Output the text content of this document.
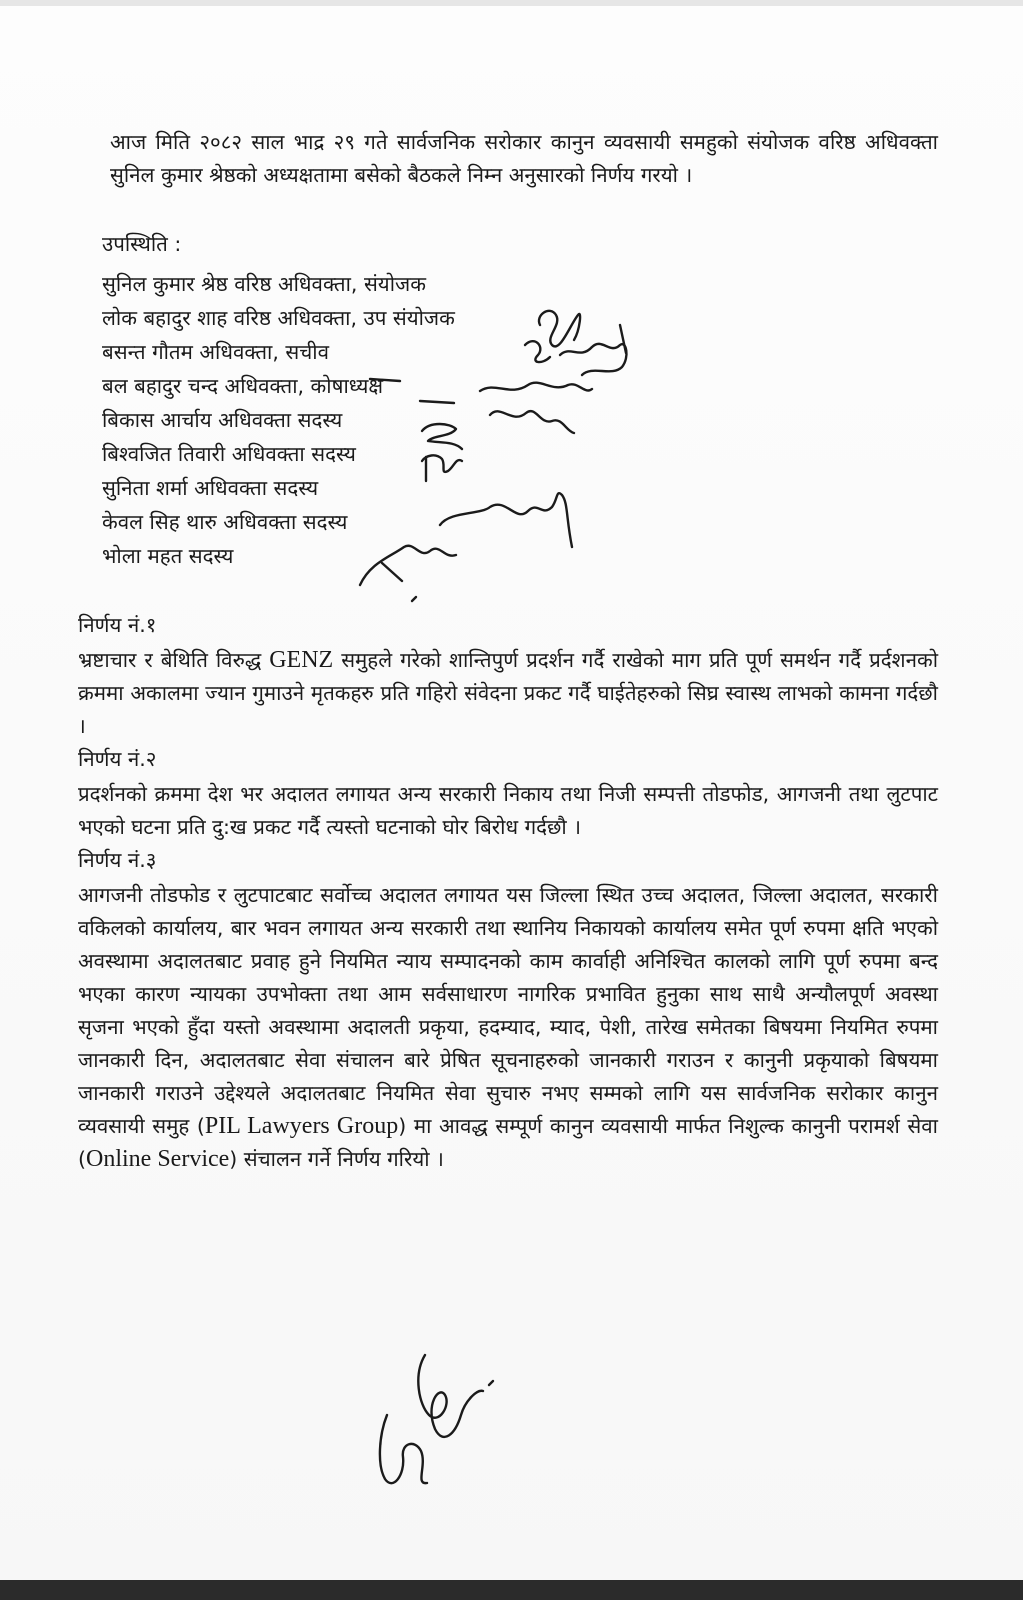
आज मिति २०८२ साल भाद्र २९ गते सार्वजनिक सरोकार कानुन व्यवसायी समहुको संयोजक वरिष्ठ अधिवक्ता सुनिल कुमार श्रेष्ठको अध्यक्षतामा बसेको बैठकले निम्न अनुसारको निर्णय गरयो ।

उपस्थिति :
सुनिल कुमार श्रेष्ठ वरिष्ठ अधिवक्ता, संयोजक
लोक बहादुर शाह वरिष्ठ अधिवक्ता, उप संयोजक
बसन्त गौतम अधिवक्ता, सचीव
बल बहादुर चन्द अधिवक्ता, कोषाध्यक्ष
बिकास आर्चाय अधिवक्ता सदस्य
बिश्वजित तिवारी अधिवक्ता सदस्य
सुनिता शर्मा अधिवक्ता सदस्य
केवल सिह थारु अधिवक्ता सदस्य
भोला महत सदस्य
निर्णय नं.१

भ्रष्टाचार र बेथिति विरुद्ध GENZ समुहले गरेको शान्तिपुर्ण प्रदर्शन गर्दै राखेको माग प्रति पूर्ण समर्थन गर्दै प्रर्दशनको क्रममा अकालमा ज्यान गुमाउने मृतकहरु प्रति गहिरो संवेदना प्रकट गर्दै घाईतेहरुको सिघ्र स्वास्थ लाभको कामना गर्दछौ ।

निर्णय नं.२

प्रदर्शनको क्रममा देश भर अदालत लगायत अन्य सरकारी निकाय तथा निजी सम्पत्ती तोडफोड, आगजनी तथा लुटपाट भएको घटना प्रति दु:ख प्रकट गर्दै त्यस्तो घटनाको घोर बिरोध गर्दछौ ।

निर्णय नं.३

आगजनी तोडफोड र लुटपाटबाट सर्वोच्च अदालत लगायत यस जिल्ला स्थित उच्च अदालत, जिल्ला अदालत, सरकारी वकिलको कार्यालय, बार भवन लगायत अन्य सरकारी तथा स्थानिय निकायको कार्यालय समेत पूर्ण रुपमा क्षति भएको अवस्थामा अदालतबाट प्रवाह हुने नियमित न्याय सम्पादनको काम कार्वाही अनिश्चित कालको लागि पूर्ण रुपमा बन्द भएका कारण न्यायका उपभोक्ता तथा आम सर्वसाधारण नागरिक प्रभावित हुनुका साथ साथै अन्यौलपूर्ण अवस्था सृजना भएको हुँदा यस्तो अवस्थामा अदालती प्रकृया, हदम्याद, म्याद, पेशी, तारेख समेतका बिषयमा नियमित रुपमा जानकारी दिन, अदालतबाट सेवा संचालन बारे प्रेषित सूचनाहरुको जानकारी गराउन र कानुनी प्रकृयाको बिषयमा जानकारी गराउने उद्देश्यले अदालतबाट नियमित सेवा सुचारु नभए सम्मको लागि यस सार्वजनिक सरोकार कानुन व्यवसायी समुह (PIL Lawyers Group) मा आवद्ध सम्पूर्ण कानुन व्यवसायी मार्फत निशुल्क कानुनी परामर्श सेवा (Online Service) संचालन गर्ने निर्णय गरियो ।
